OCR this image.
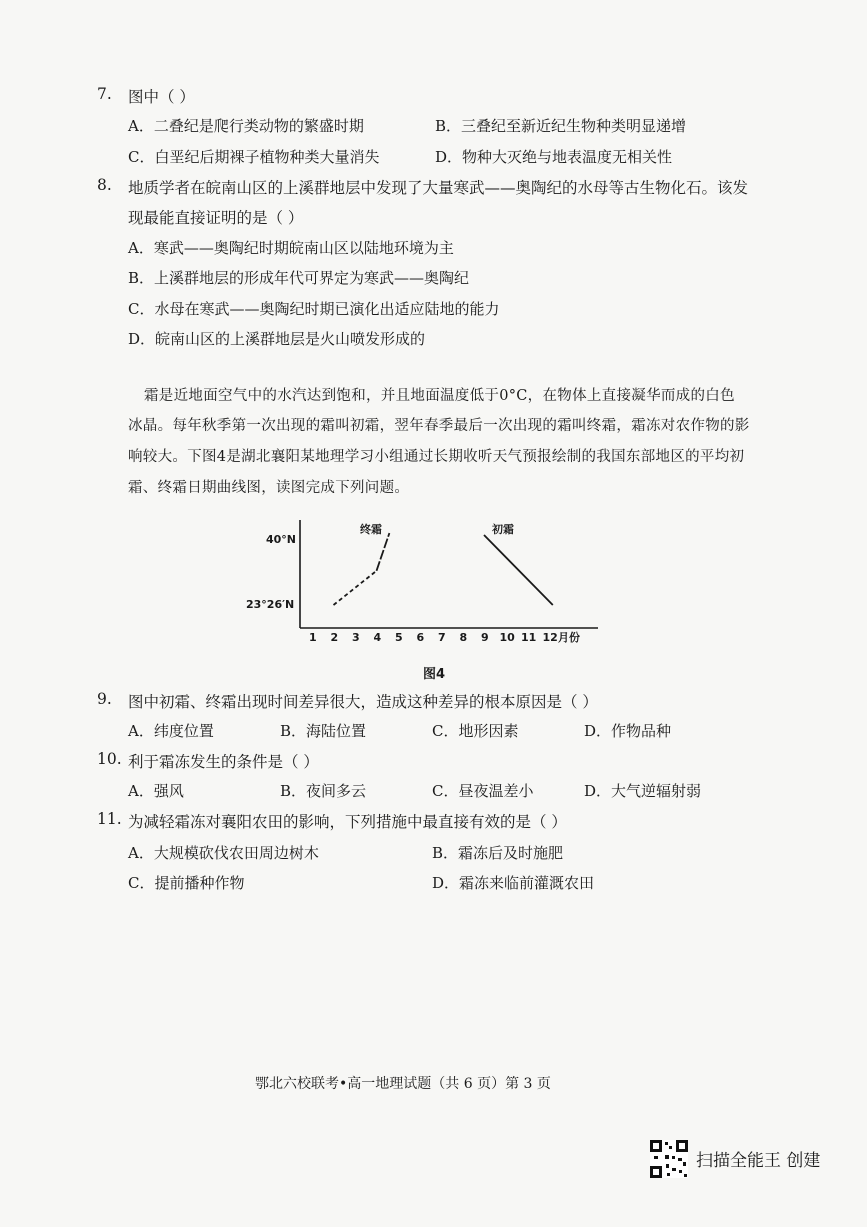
7. 图中（ ）
A．二叠纪是爬行类动物的繁盛时期	B．三叠纪至新近纪生物种类明显递增
C．白垩纪后期裸子植物种类大量消失	D．物种大灭绝与地表温度无相关性
8. 地质学者在皖南山区的上溪群地层中发现了大量寒武——奥陶纪的水母等古生物化石。该发
现最能直接证明的是（ ）
A．寒武——奥陶纪时期皖南山区以陆地环境为主
B．上溪群地层的形成年代可界定为寒武——奥陶纪
C．水母在寒武——奥陶纪时期已演化出适应陆地的能力
D．皖南山区的上溪群地层是火山喷发形成的
霜是近地面空气中的水汽达到饱和，并且地面温度低于0°C，在物体上直接凝华而成的白色
冰晶。每年秋季第一次出现的霜叫初霜，翌年春季最后一次出现的霜叫终霜，霜冻对农作物的影
响较大。下图4是湖北襄阳某地理学习小组通过长期收听天气预报绘制的我国东部地区的平均初
霜、终霜日期曲线图，读图完成下列问题。
40°N
23°26′N
1 2 3 4 5 6 7 8 9 10 11 12 月份
终霜	初霜
图4
9. 图中初霜、终霜出现时间差异很大，造成这种差异的根本原因是（ ）
A．纬度位置	B．海陆位置	C．地形因素	D．作物品种
10. 利于霜冻发生的条件是（ ）
A．强风	B．夜间多云	C．昼夜温差小	D．大气逆辐射弱
11. 为减轻霜冻对襄阳农田的影响，下列措施中最直接有效的是（ ）
A．大规模砍伐农田周边树木	B．霜冻后及时施肥
C．提前播种作物	D．霜冻来临前灌溉农田
鄂北六校联考•高一地理试题（共 6 页）第 3 页
扫描全能王 创建
